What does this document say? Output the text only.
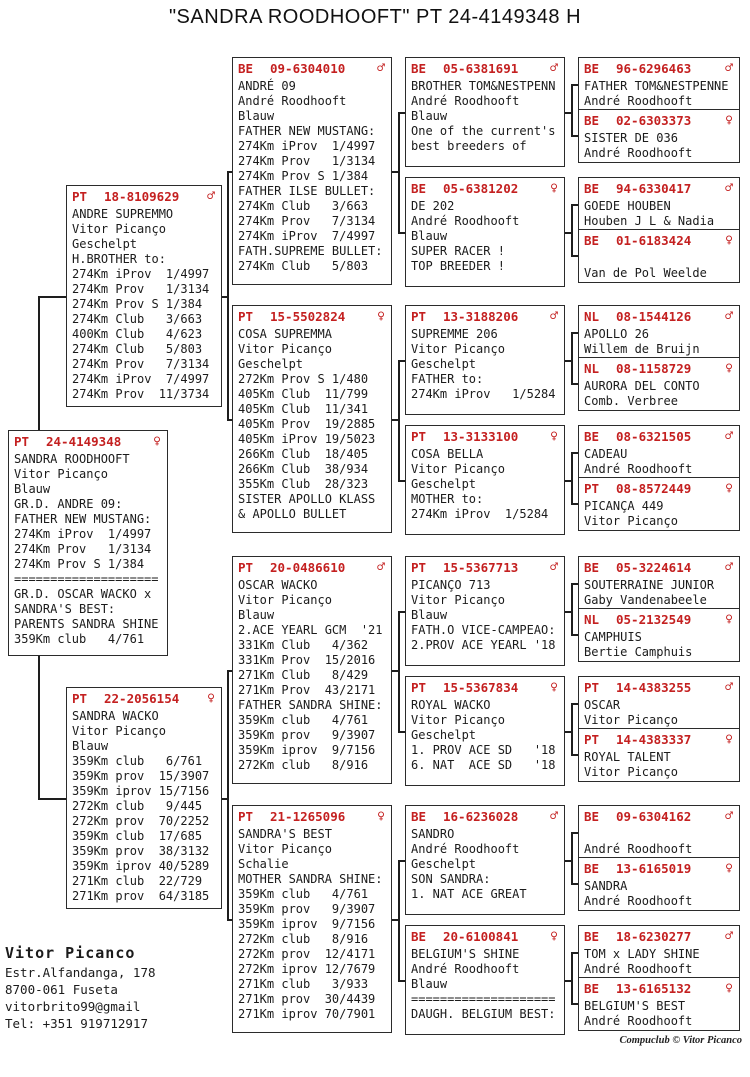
"SANDRA ROODHOOFT" PT 24-4149348 H
PT 24-4149348 ♀
SANDRA ROODHOOFT
Vitor Picanço
Blauw
GR.D. ANDRE 09:
FATHER NEW MUSTANG:
274Km iProv  1/4997
274Km Prov   1/3134
274Km Prov S 1/384
====================
GR.D. OSCAR WACKO x
SANDRA'S BEST:
PARENTS SANDRA SHINE
359Km club   4/761
PT 18-8109629 ♂
ANDRE SUPREMMO
Vitor Picanço
Geschelpt
H.BROTHER to:
274Km iProv  1/4997
274Km Prov   1/3134
274Km Prov S 1/384
274Km Club   3/663
400Km Club   4/623
274Km Club   5/803
274Km Prov   7/3134
274Km iProv  7/4997
274Km Prov  11/3734
PT 22-2056154 ♀
SANDRA WACKO
Vitor Picanço
Blauw
359Km club   6/761
359Km prov  15/3907
359Km iprov 15/7156
272Km club   9/445
272Km prov  70/2252
359Km club  17/685
359Km prov  38/3132
359Km iprov 40/5289
271Km club  22/729
271Km prov  64/3185
BE 09-6304010 ♂
ANDRÉ 09
André Roodhooft
Blauw
FATHER NEW MUSTANG:
274Km iProv  1/4997
274Km Prov   1/3134
274Km Prov S 1/384
FATHER ILSE BULLET:
274Km Club   3/663
274Km Prov   7/3134
274Km iProv  7/4997
FATH.SUPREME BULLET:
274Km Club   5/803
PT 15-5502824 ♀
COSA SUPREMMA
Vitor Picanço
Geschelpt
272Km Prov S 1/480
405Km Club  11/799
405Km Club  11/341
405Km Prov  19/2885
405Km iProv 19/5023
266Km Club  18/405
266Km Club  38/934
355Km Club  28/323
SISTER APOLLO KLASS
& APOLLO BULLET
PT 20-0486610 ♂
OSCAR WACKO
Vitor Picanço
Blauw
2.ACE YEARL GCM  '21
331Km Club   4/362
331Km Prov  15/2016
271Km Club   8/429
271Km Prov  43/2171
FATHER SANDRA SHINE:
359Km club   4/761
359Km prov   9/3907
359Km iprov  9/7156
272Km club   8/916
PT 21-1265096 ♀
SANDRA'S BEST
Vitor Picanço
Schalie
MOTHER SANDRA SHINE:
359Km club   4/761
359Km prov   9/3907
359Km iprov  9/7156
272Km club   8/916
272Km prov  12/4171
272Km iprov 12/7679
271Km club   3/933
271Km prov  30/4439
271Km iprov 70/7901
BE 05-6381691 ♂
BROTHER TOM&NESTPENN
André Roodhooft
Blauw
One of the current's
best breeders of
BE 05-6381202 ♀
DE 202
André Roodhooft
Blauw
SUPER RACER !
TOP BREEDER !
PT 13-3188206 ♂
SUPREMME 206
Vitor Picanço
Geschelpt
FATHER to:
274Km iProv   1/5284
PT 13-3133100 ♀
COSA BELLA
Vitor Picanço
Geschelpt
MOTHER to:
274Km iProv  1/5284
PT 15-5367713 ♂
PICANÇO 713
Vitor Picanço
Blauw
FATH.O VICE-CAMPEAO:
2.PROV ACE YEARL '18
PT 15-5367834 ♀
ROYAL WACKO
Vitor Picanço
Geschelpt
1. PROV ACE SD   '18
6. NAT  ACE SD   '18
BE 16-6236028 ♂
SANDRO
André Roodhooft
Geschelpt
SON SANDRA:
1. NAT ACE GREAT
BE 20-6100841 ♀
BELGIUM'S SHINE
André Roodhooft
Blauw
====================
DAUGH. BELGIUM BEST:
BE 96-6296463	♂
FATHER TOM&NESTPENNE
André Roodhooft
BE 02-6303373	♀
SISTER DE 036
André Roodhooft
BE 94-6330417	♂
GOEDE HOUBEN
Houben J L & Nadia
BE 01-6183424	♀
Van de Pol Weelde
NL 08-1544126	♂
APOLLO 26
Willem de Bruijn
NL 08-1158729	♀
AURORA DEL CONTO
Comb. Verbree
BE 08-6321505	♂
CADEAU
André Roodhooft
PT 08-8572449	♀
PICANÇA 449
Vitor Picanço
BE 05-3224614	♂
SOUTERRAINE JUNIOR
Gaby Vandenabeele
NL 05-2132549	♀
CAMPHUIS
Bertie Camphuis
PT 14-4383255	♂
OSCAR
Vitor Picanço
PT 14-4383337	♀
ROYAL TALENT
Vitor Picanço
BE 09-6304162	♂
André Roodhooft
BE 13-6165019	♀
SANDRA
André Roodhooft
BE 18-6230277	♂
TOM x LADY SHINE
André Roodhooft
BE 13-6165132	♀
BELGIUM'S BEST
André Roodhooft
Vitor Picanco
Estr.Alfandanga, 178
8700-061 Fuseta
vitorbrito99@gmail
Tel: +351 919712917
Compuclub © Vitor Picanco
